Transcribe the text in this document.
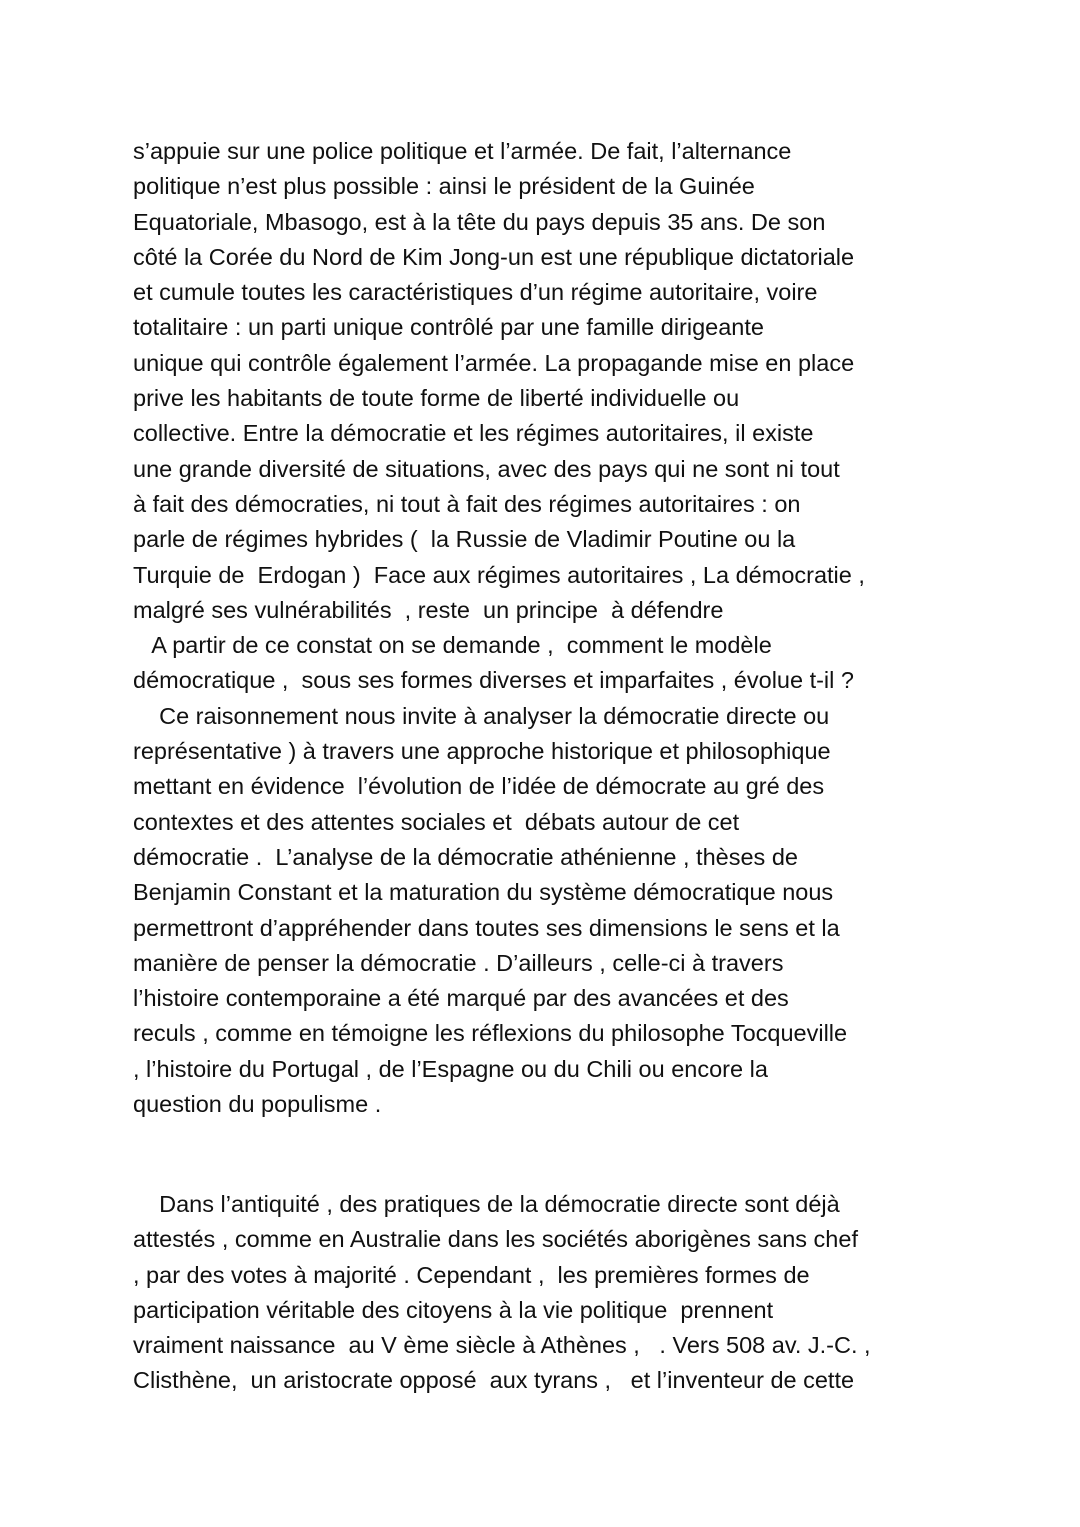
s’appuie sur une police politique et l’armée. De fait, l’alternance
politique n’est plus possible : ainsi le président de la Guinée
Equatoriale, Mbasogo, est à la tête du pays depuis 35 ans. De son
côté la Corée du Nord de Kim Jong-un est une république dictatoriale
et cumule toutes les caractéristiques d’un régime autoritaire, voire
totalitaire : un parti unique contrôlé par une famille dirigeante
unique qui contrôle également l’armée. La propagande mise en place
prive les habitants de toute forme de liberté individuelle ou
collective. Entre la démocratie et les régimes autoritaires, il existe
une grande diversité de situations, avec des pays qui ne sont ni tout
à fait des démocraties, ni tout à fait des régimes autoritaires : on
parle de régimes hybrides (  la Russie de Vladimir Poutine ou la
Turquie de  Erdogan )  Face aux régimes autoritaires , La démocratie ,
malgré ses vulnérabilités  , reste  un principe  à défendre
A partir de ce constat on se demande ,  comment le modèle
démocratique ,  sous ses formes diverses et imparfaites , évolue t-il ?
Ce raisonnement nous invite à analyser la démocratie directe ou
représentative ) à travers une approche historique et philosophique
mettant en évidence  l’évolution de l’idée de démocrate au gré des
contextes et des attentes sociales et  débats autour de cet
démocratie .  L’analyse de la démocratie athénienne , thèses de
Benjamin Constant et la maturation du système démocratique nous
permettront d’appréhender dans toutes ses dimensions le sens et la
manière de penser la démocratie . D’ailleurs , celle-ci à travers
l’histoire contemporaine a été marqué par des avancées et des
reculs , comme en témoigne les réflexions du philosophe Tocqueville
, l’histoire du Portugal , de l’Espagne ou du Chili ou encore la
question du populisme .
Dans l’antiquité , des pratiques de la démocratie directe sont déjà
attestés , comme en Australie dans les sociétés aborigènes sans chef
, par des votes à majorité . Cependant ,  les premières formes de
participation véritable des citoyens à la vie politique  prennent
vraiment naissance  au V ème siècle à Athènes ,   . Vers 508 av. J.-C. ,
Clisthène,  un aristocrate opposé  aux tyrans ,   et l’inventeur de cette
